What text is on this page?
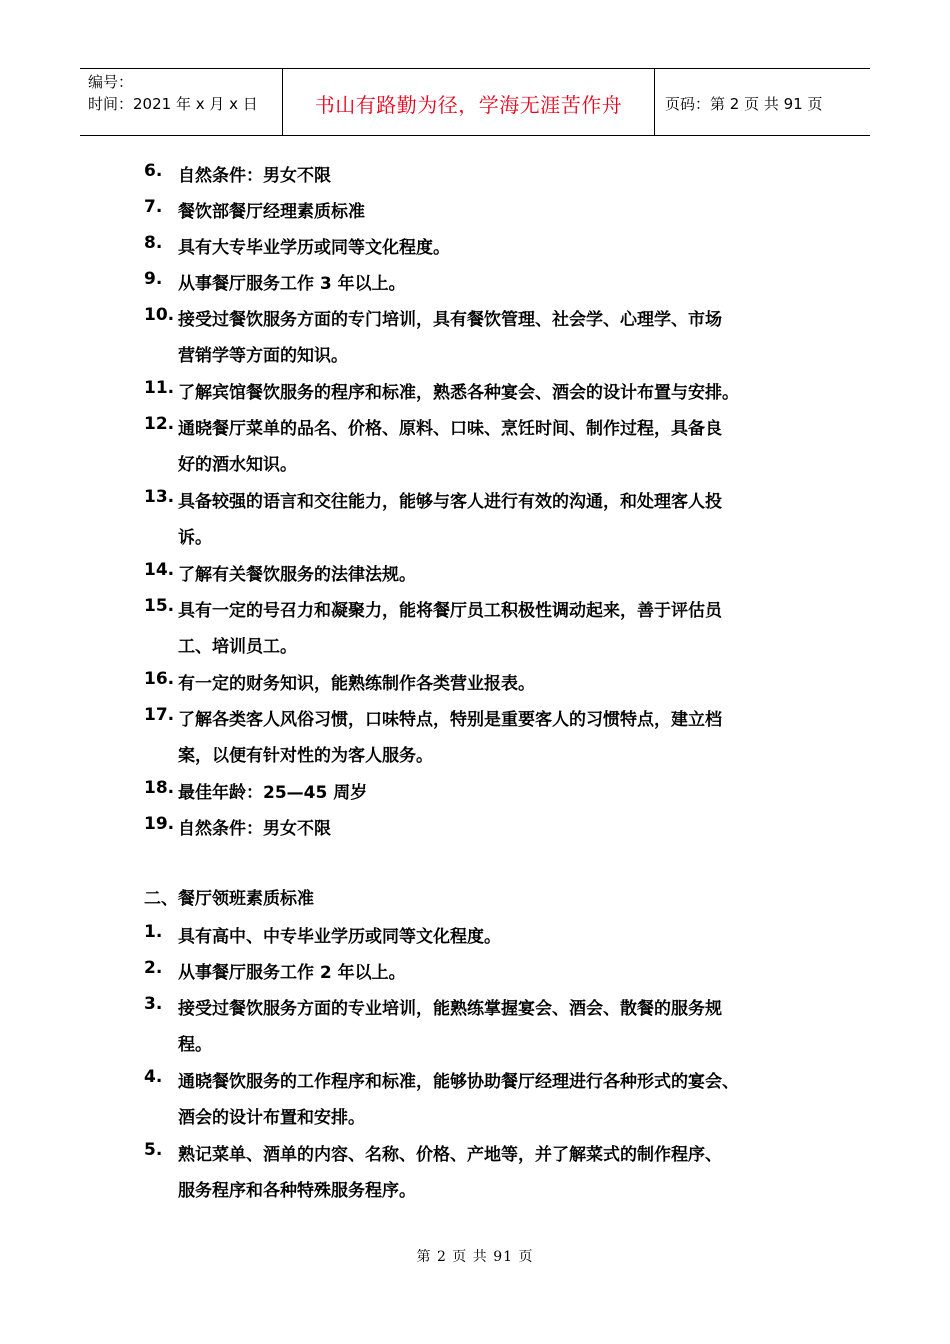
编号：
时间：2021 年 x 月 x 日	书山有路勤为径，学海无涯苦作舟	页码：第 2 页 共 91 页
6. 自然条件：男女不限
7. 餐饮部餐厅经理素质标准
8. 具有大专毕业学历或同等文化程度。
9. 从事餐厅服务工作 3 年以上。
10. 接受过餐饮服务方面的专门培训，具有餐饮管理、社会学、心理学、市场
营销学等方面的知识。
11. 了解宾馆餐饮服务的程序和标准，熟悉各种宴会、酒会的设计布置与安排。
12. 通晓餐厅菜单的品名、价格、原料、口味、烹饪时间、制作过程，具备良
好的酒水知识。
13. 具备较强的语言和交往能力，能够与客人进行有效的沟通，和处理客人投
诉。
14. 了解有关餐饮服务的法律法规。
15. 具有一定的号召力和凝聚力，能将餐厅员工积极性调动起来，善于评估员
工、培训员工。
16. 有一定的财务知识，能熟练制作各类营业报表。
17. 了解各类客人风俗习惯，口味特点，特别是重要客人的习惯特点，建立档
案，以便有针对性的为客人服务。
18. 最佳年龄：25—45 周岁
19. 自然条件：男女不限
二、餐厅领班素质标准
1. 具有高中、中专毕业学历或同等文化程度。
2. 从事餐厅服务工作 2 年以上。
3. 接受过餐饮服务方面的专业培训，能熟练掌握宴会、酒会、散餐的服务规
程。
4. 通晓餐饮服务的工作程序和标准，能够协助餐厅经理进行各种形式的宴会、
酒会的设计布置和安排。
5. 熟记菜单、酒单的内容、名称、价格、产地等，并了解菜式的制作程序、
服务程序和各种特殊服务程序。
第 2 页 共 91 页
